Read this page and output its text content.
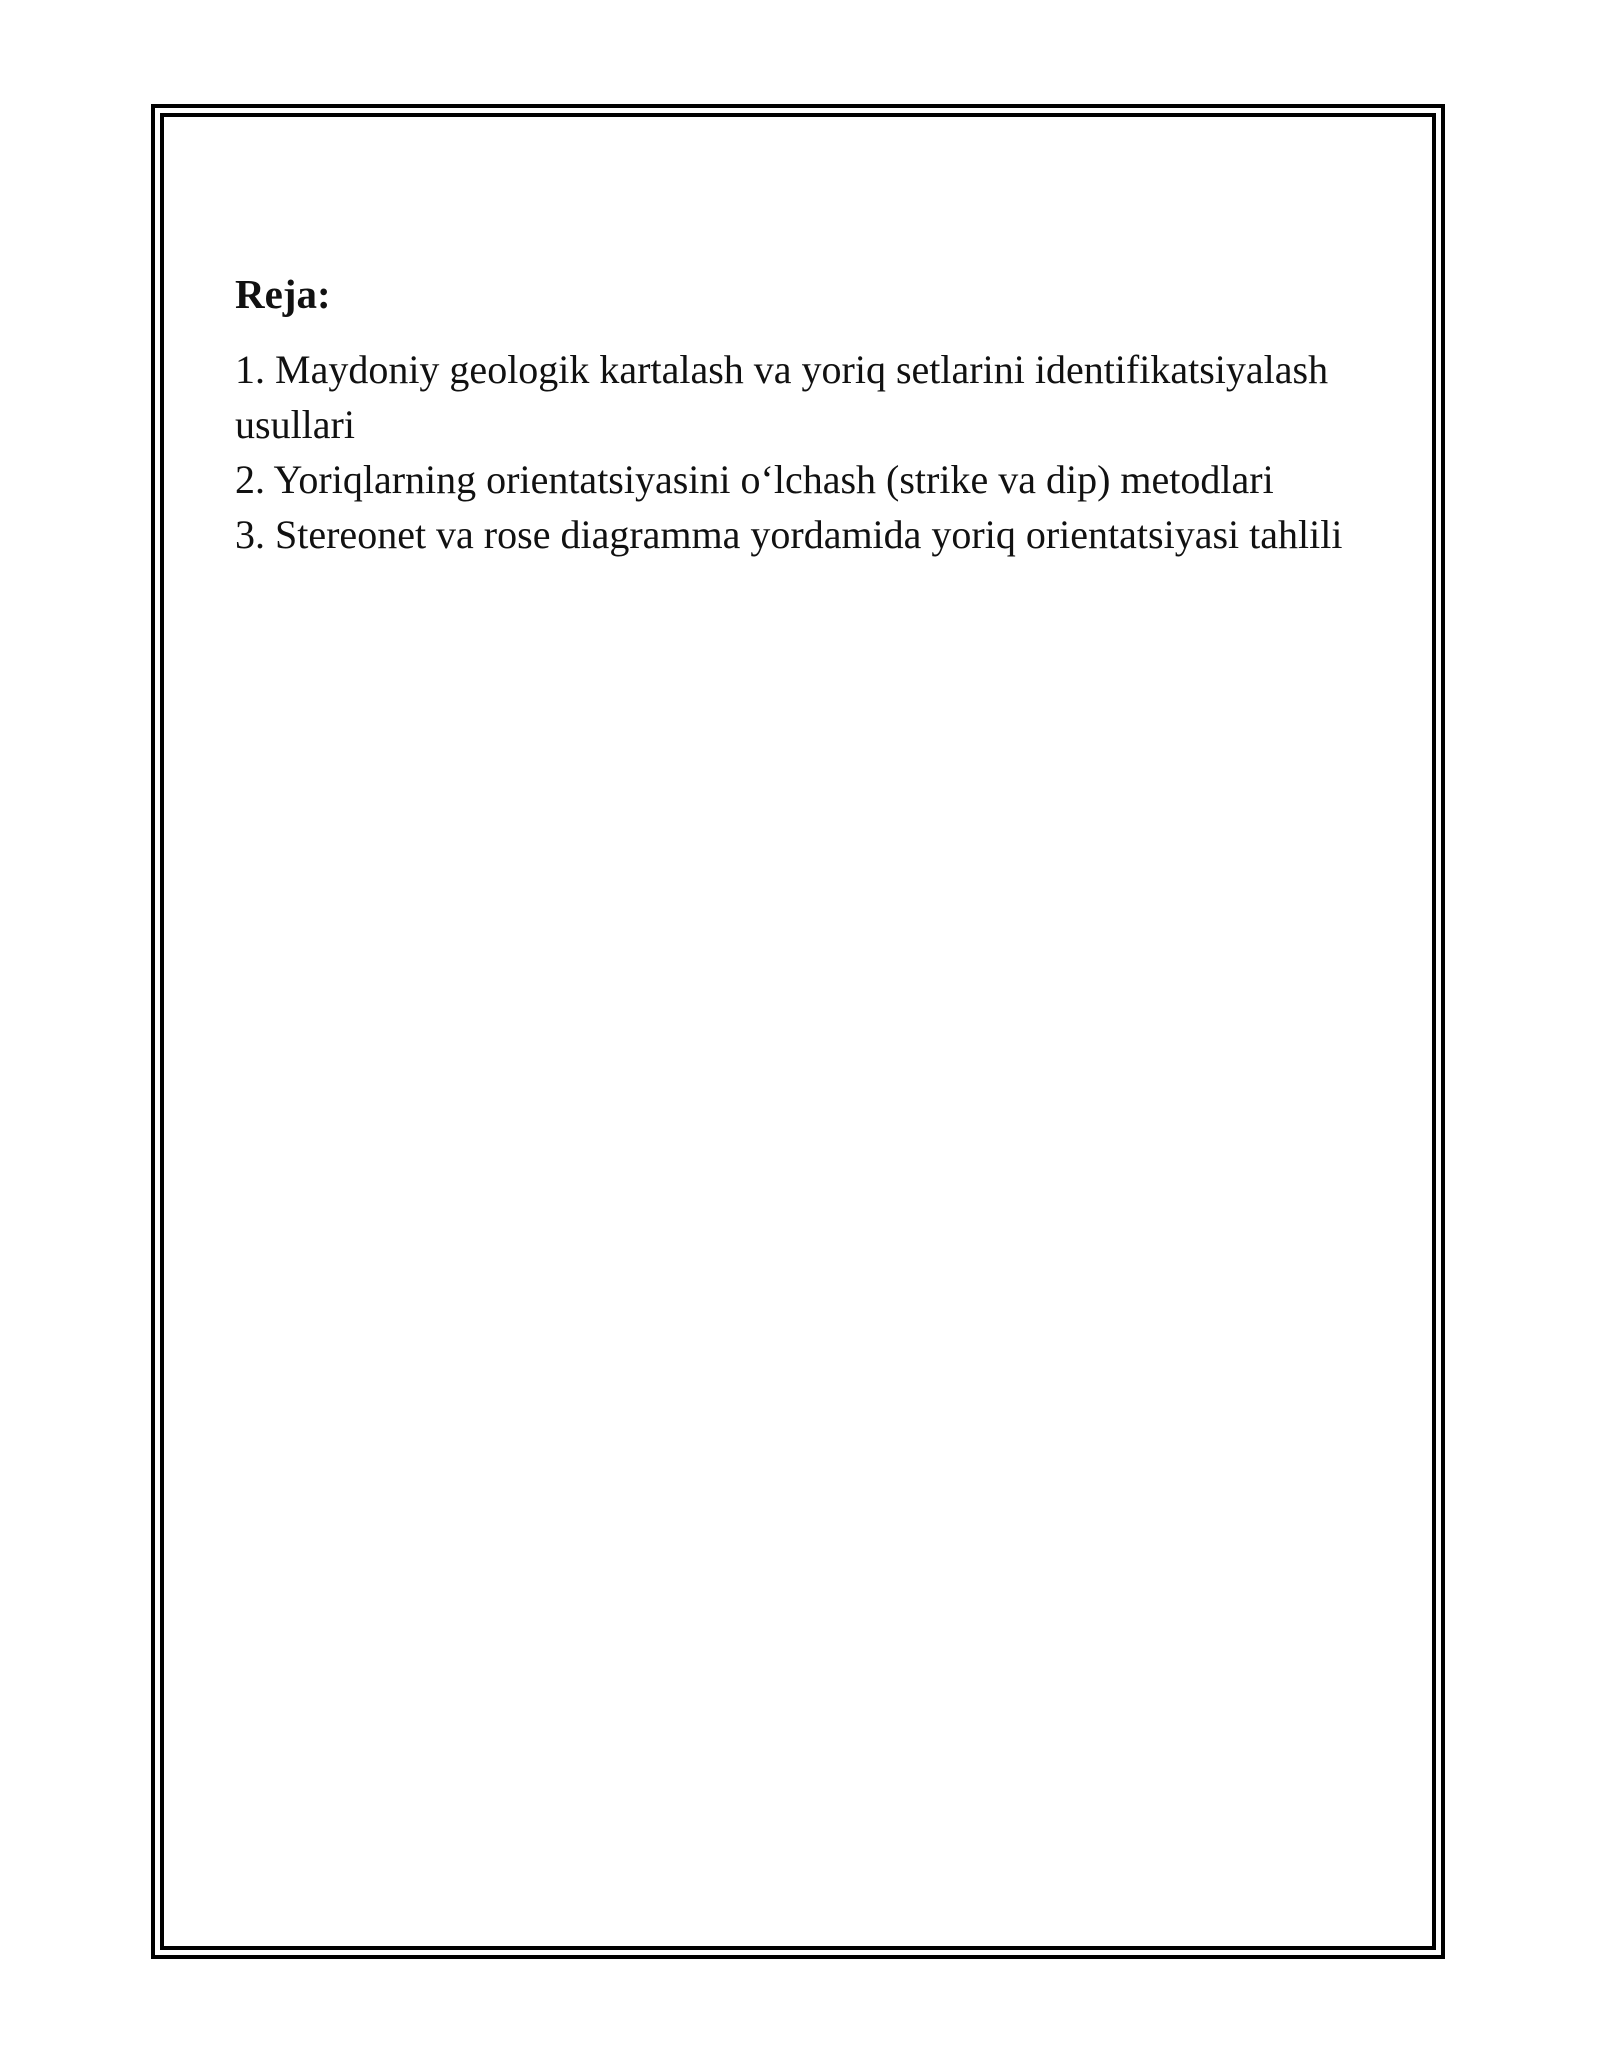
Reja:
1. Maydoniy geologik kartalash va yoriq setlarini identifikatsiyalash usullari
2. Yoriqlarning orientatsiyasini o‘lchash (strike va dip) metodlari
3. Stereonet va rose diagramma yordamida yoriq orientatsiyasi tahlili
